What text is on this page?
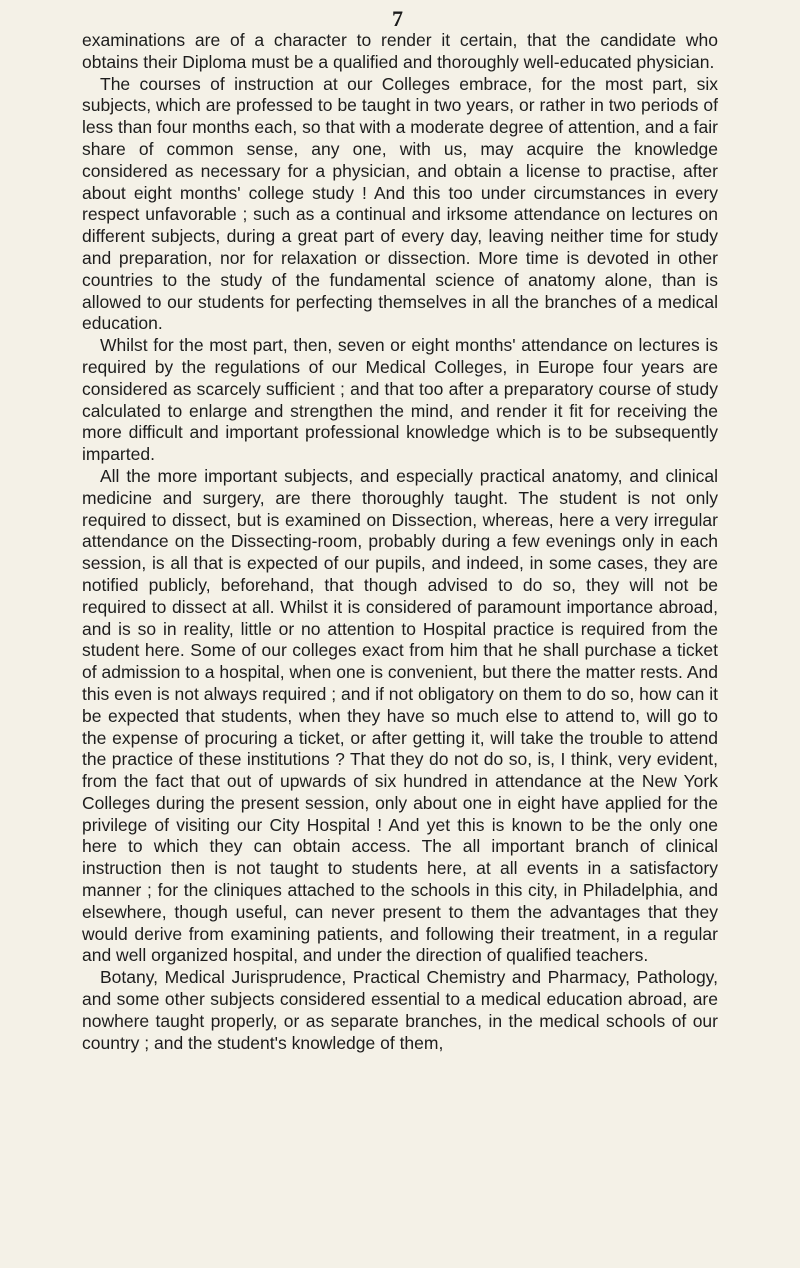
7

examinations are of a character to render it certain, that the candidate who obtains their Diploma must be a qualified and thoroughly well-educated physician.

The courses of instruction at our Colleges embrace, for the most part, six subjects, which are professed to be taught in two years, or rather in two periods of less than four months each, so that with a moderate degree of attention, and a fair share of common sense, any one, with us, may acquire the knowledge considered as necessary for a physician, and obtain a license to practise, after about eight months' college study ! And this too under circumstances in every respect unfavorable ; such as a continual and irksome attendance on lectures on different subjects, during a great part of every day, leaving neither time for study and preparation, nor for relaxation or dissection. More time is devoted in other countries to the study of the fundamental science of anatomy alone, than is allowed to our students for perfecting themselves in all the branches of a medical education.

Whilst for the most part, then, seven or eight months' attendance on lectures is required by the regulations of our Medical Colleges, in Europe four years are considered as scarcely sufficient ; and that too after a preparatory course of study calculated to enlarge and strengthen the mind, and render it fit for receiving the more difficult and important professional knowledge which is to be subsequently imparted.

All the more important subjects, and especially practical anatomy, and clinical medicine and surgery, are there thoroughly taught. The student is not only required to dissect, but is examined on Dissection, whereas, here a very irregular attendance on the Dissecting-room, probably during a few evenings only in each session, is all that is expected of our pupils, and indeed, in some cases, they are notified publicly, beforehand, that though advised to do so, they will not be required to dissect at all. Whilst it is considered of paramount importance abroad, and is so in reality, little or no attention to Hospital practice is required from the student here. Some of our colleges exact from him that he shall purchase a ticket of admission to a hospital, when one is convenient, but there the matter rests. And this even is not always required ; and if not obligatory on them to do so, how can it be expected that students, when they have so much else to attend to, will go to the expense of procuring a ticket, or after getting it, will take the trouble to attend the practice of these institutions ? That they do not do so, is, I think, very evident, from the fact that out of upwards of six hundred in attendance at the New York Colleges during the present session, only about one in eight have applied for the privilege of visiting our City Hospital ! And yet this is known to be the only one here to which they can obtain access. The all important branch of clinical instruction then is not taught to students here, at all events in a satisfactory manner ; for the cliniques attached to the schools in this city, in Philadelphia, and elsewhere, though useful, can never present to them the advantages that they would derive from examining patients, and following their treatment, in a regular and well organized hospital, and under the direction of qualified teachers.

Botany, Medical Jurisprudence, Practical Chemistry and Pharmacy, Pathology, and some other subjects considered essential to a medical education abroad, are nowhere taught properly, or as separate branches, in the medical schools of our country ; and the student's knowledge of them,
